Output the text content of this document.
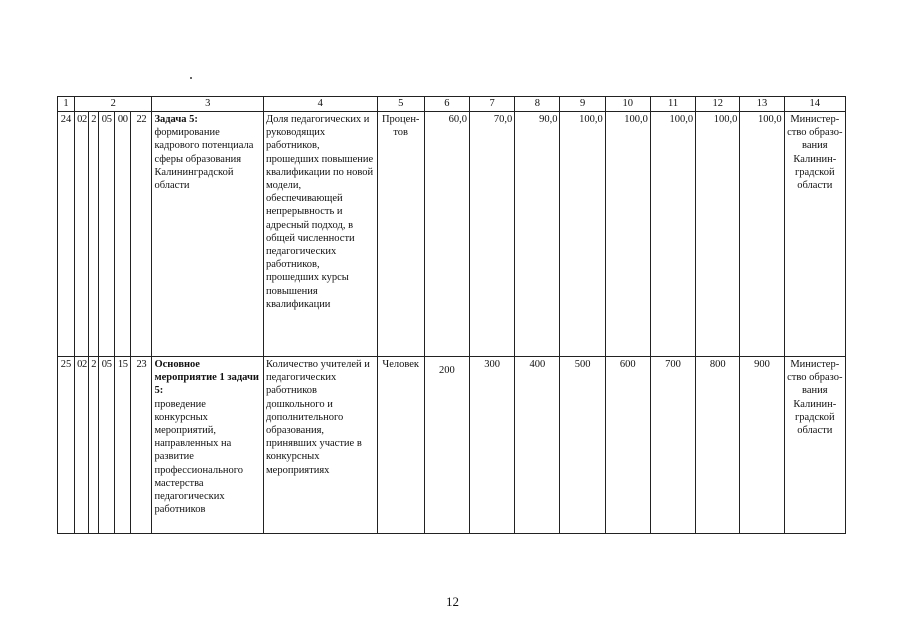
1	2					3	4	5	6	7	8	9	10	11	12	13	14
24	02	2	05	00	22	Задача 5:
формирование кадрового потенциала сферы образования Калининградской области	Доля педагогических и руководящих работников, прошедших повышение квалификации по новой модели, обеспечивающей непрерывность и адресный подход, в общей численности педагогических работников, прошедших курсы повышения квалификации	Процен-тов	60,0	70,0	90,0	100,0	100,0	100,0	100,0	100,0	Министер-ство образо-вания Калинин-градской области
25	02	2	05	15	23	Основное мероприятие 1 задачи 5:
проведение конкурсных мероприятий, направленных на развитие профессионального мастерства педагогических работников	Количество учителей и педагогических работников дошкольного и дополнительного образования, принявших участие в конкурсных мероприятиях	Человек	200	300	400	500	600	700	800	900	Министер-ство образо-вания Калинин-градской области
12
